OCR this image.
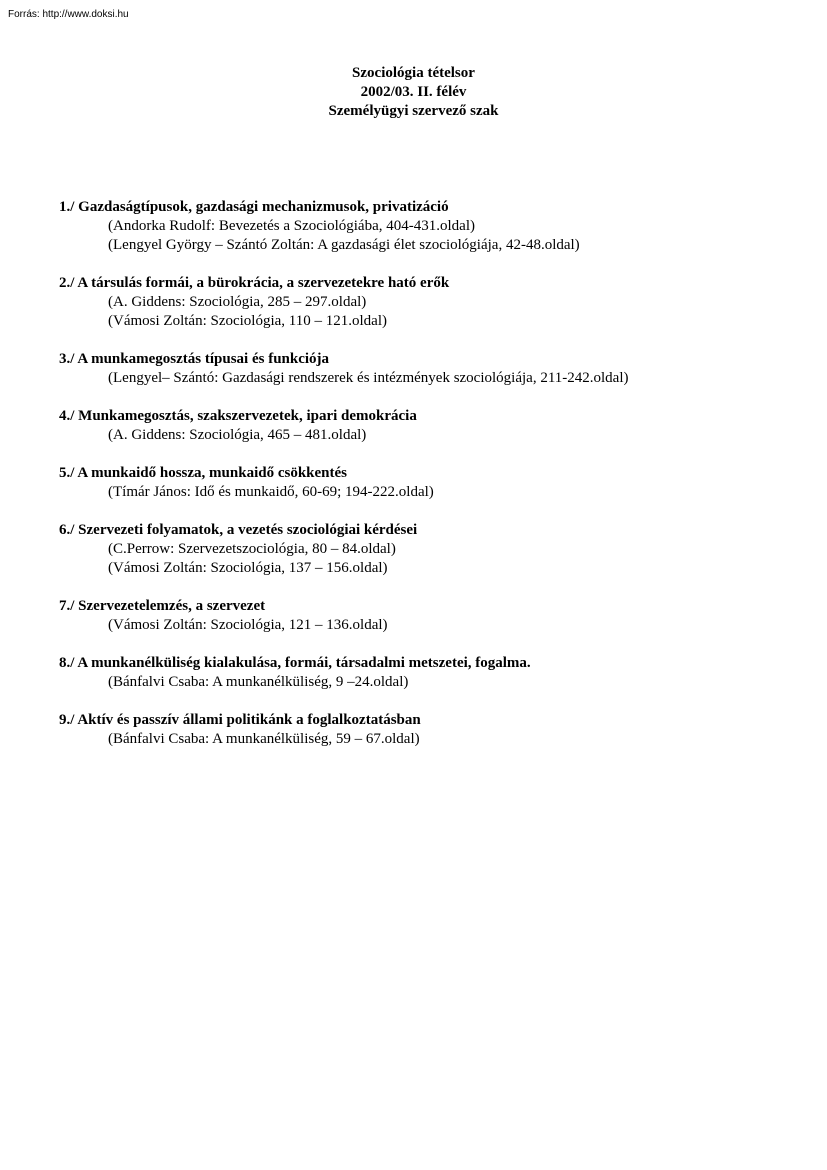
Forrás: http://www.doksi.hu
Szociológia tételsor
2002/03. II. félév
Személyügyi szervező szak
1./ Gazdaságtípusok, gazdasági mechanizmusok, privatizáció
(Andorka Rudolf: Bevezetés a Szociológiába, 404-431.oldal)
(Lengyel György – Szántó Zoltán: A gazdasági élet szociológiája, 42-48.oldal)
2./ A társulás formái, a bürokrácia, a szervezetekre ható erők
(A. Giddens: Szociológia, 285 – 297.oldal)
(Vámosi Zoltán: Szociológia, 110 – 121.oldal)
3./ A munkamegosztás típusai és funkciója
(Lengyel– Szántó: Gazdasági rendszerek és intézmények szociológiája, 211-242.oldal)
4./ Munkamegosztás, szakszervezetek, ipari demokrácia
(A. Giddens: Szociológia, 465 – 481.oldal)
5./ A munkaidő hossza, munkaidő csökkentés
(Tímár János: Idő és munkaidő, 60-69; 194-222.oldal)
6./ Szervezeti folyamatok, a vezetés szociológiai kérdései
(C.Perrow: Szervezetszociológia, 80 – 84.oldal)
(Vámosi Zoltán: Szociológia, 137 – 156.oldal)
7./ Szervezetelemzés, a szervezet
(Vámosi Zoltán: Szociológia, 121 – 136.oldal)
8./ A munkanélküliség kialakulása, formái, társadalmi metszetei, fogalma.
(Bánfalvi Csaba: A munkanélküliség, 9 –24.oldal)
9./ Aktív és passzív állami politikánk a foglalkoztatásban
(Bánfalvi Csaba: A munkanélküliség, 59 – 67.oldal)
